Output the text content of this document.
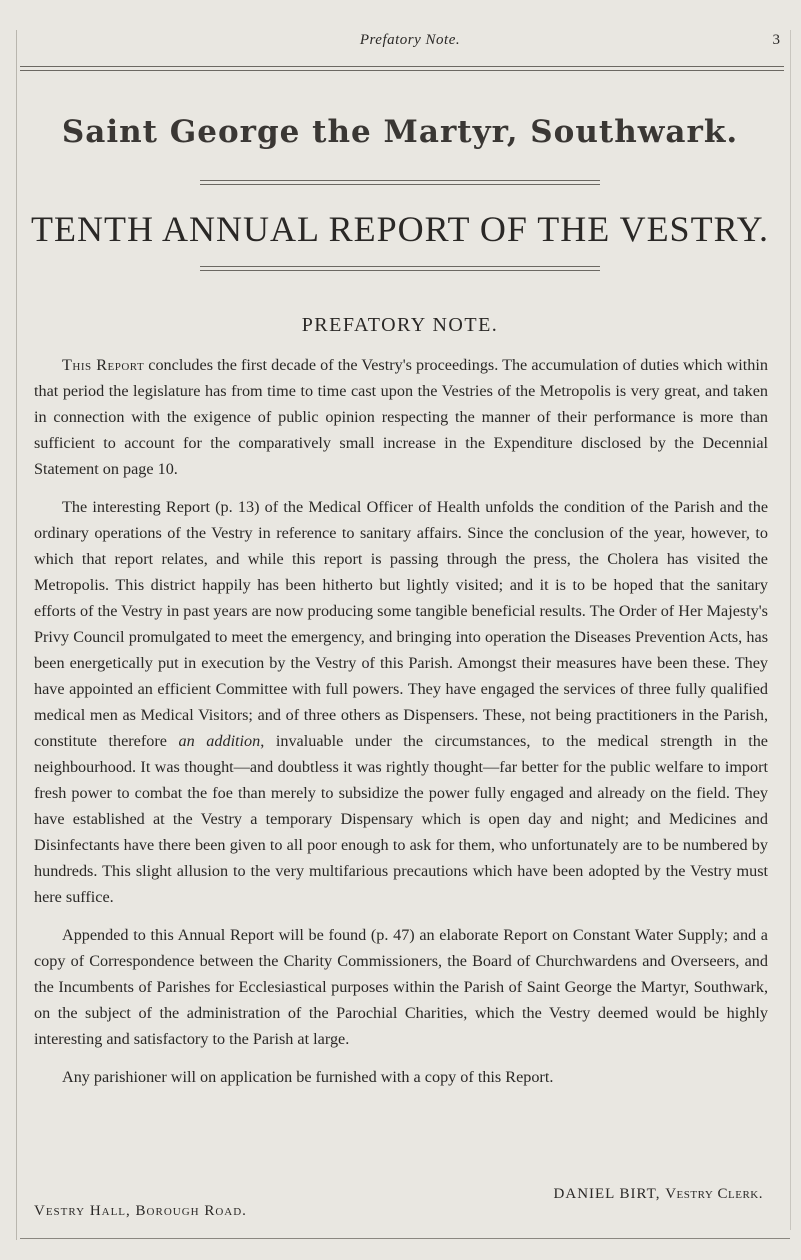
Prefatory Note.	3
Saint George the Martyr, Southwark.
TENTH ANNUAL REPORT OF THE VESTRY.
PREFATORY NOTE.

This Report concludes the first decade of the Vestry's proceedings. The accumulation of duties which within that period the legislature has from time to time cast upon the Vestries of the Metropolis is very great, and taken in connection with the exigence of public opinion respecting the manner of their performance is more than sufficient to account for the comparatively small increase in the Expenditure disclosed by the Decennial Statement on page 10.

The interesting Report (p. 13) of the Medical Officer of Health unfolds the condition of the Parish and the ordinary operations of the Vestry in reference to sanitary affairs. Since the conclusion of the year, however, to which that report relates, and while this report is passing through the press, the Cholera has visited the Metropolis. This district happily has been hitherto but lightly visited; and it is to be hoped that the sanitary efforts of the Vestry in past years are now producing some tangible beneficial results. The Order of Her Majesty's Privy Council promulgated to meet the emergency, and bringing into operation the Diseases Prevention Acts, has been energetically put in execution by the Vestry of this Parish. Amongst their measures have been these. They have appointed an efficient Committee with full powers. They have engaged the services of three fully qualified medical men as Medical Visitors; and of three others as Dispensers. These, not being practitioners in the Parish, constitute therefore an addition, invaluable under the circumstances, to the medical strength in the neighbourhood. It was thought—and doubtless it was rightly thought—far better for the public welfare to import fresh power to combat the foe than merely to subsidize the power fully engaged and already on the field. They have established at the Vestry a temporary Dispensary which is open day and night; and Medicines and Disinfectants have there been given to all poor enough to ask for them, who unfortunately are to be numbered by hundreds. This slight allusion to the very multifarious precautions which have been adopted by the Vestry must here suffice.

Appended to this Annual Report will be found (p. 47) an elaborate Report on Constant Water Supply; and a copy of Correspondence between the Charity Commissioners, the Board of Churchwardens and Overseers, and the Incumbents of Parishes for Ecclesiastical purposes within the Parish of Saint George the Martyr, Southwark, on the subject of the administration of the Parochial Charities, which the Vestry deemed would be highly interesting and satisfactory to the Parish at large.

Any parishioner will on application be furnished with a copy of this Report.

DANIEL BIRT, Vestry Clerk.
Vestry Hall, Borough Road.
